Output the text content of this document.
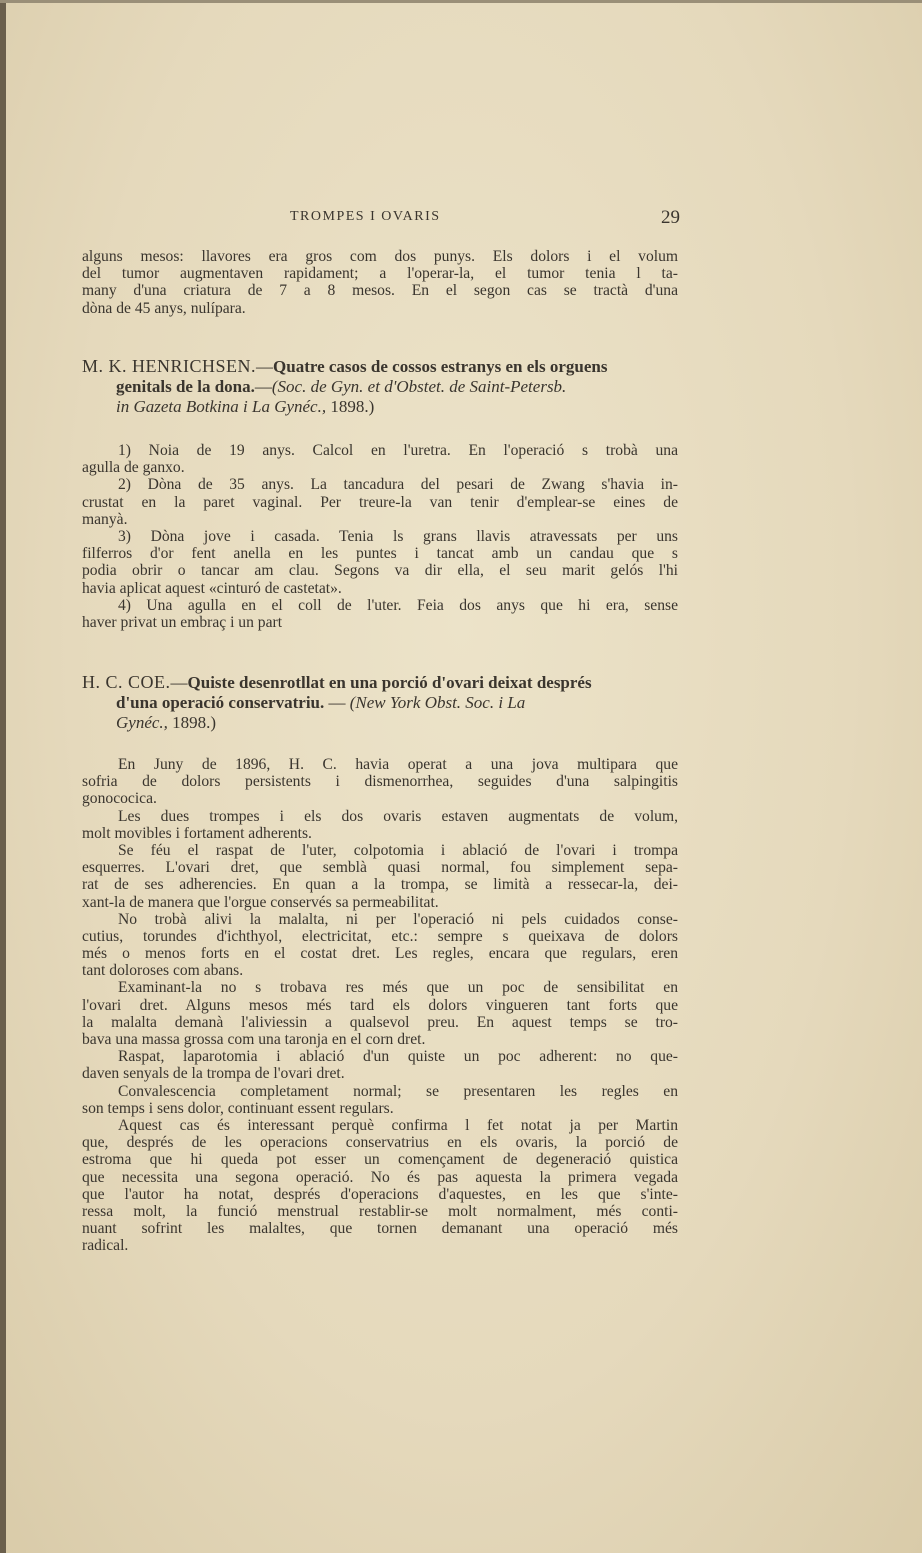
TROMPES I OVARIS	29
alguns mesos: llavores era gros com dos punys. Els dolors i el volum
del tumor augmentaven rapidament; a l'operar-la, el tumor tenia l ta-
many d'una criatura de 7 a 8 mesos. En el segon cas se tractà d'una
dòna de 45 anys, nulípara.
M. K. HENRICHSEN.—Quatre casos de cossos estranys en els orguens
genitals de la dona.—(Soc. de Gyn. et d'Obstet. de Saint-Petersb.
in Gazeta Botkina i La Gynéc., 1898.)
1) Noia de 19 anys. Calcol en l'uretra. En l'operació s trobà una
agulla de ganxo.
2) Dòna de 35 anys. La tancadura del pesari de Zwang s'havia in-
crustat en la paret vaginal. Per treure-la van tenir d'emplear-se eines de
manyà.
3) Dòna jove i casada. Tenia ls grans llavis atravessats per uns
filferros d'or fent anella en les puntes i tancat amb un candau que s
podia obrir o tancar am clau. Segons va dir ella, el seu marit gelós l'hi
havia aplicat aquest «cinturó de castetat».
4) Una agulla en el coll de l'uter. Feia dos anys que hi era, sense
haver privat un embraç i un part
H. C. COE.—Quiste desenrotllat en una porció d'ovari deixat després
d'una operació conservatriu. — (New York Obst. Soc. i La
Gynéc., 1898.)
En Juny de 1896, H. C. havia operat a una jova multipara que
sofria de dolors persistents i dismenorrhea, seguides d'una salpingitis
gonococica.
Les dues trompes i els dos ovaris estaven augmentats de volum,
molt movibles i fortament adherents.
Se féu el raspat de l'uter, colpotomia i ablació de l'ovari i trompa
esquerres. L'ovari dret, que semblà quasi normal, fou simplement sepa-
rat de ses adherencies. En quan a la trompa, se limità a ressecar-la, dei-
xant-la de manera que l'orgue conservés sa permeabilitat.
No trobà alivi la malalta, ni per l'operació ni pels cuidados conse-
cutius, torundes d'ichthyol, electricitat, etc.: sempre s queixava de dolors
més o menos forts en el costat dret. Les regles, encara que regulars, eren
tant doloroses com abans.
Examinant-la no s trobava res més que un poc de sensibilitat en
l'ovari dret. Alguns mesos més tard els dolors vingueren tant forts que
la malalta demanà l'aliviessin a qualsevol preu. En aquest temps se tro-
bava una massa grossa com una taronja en el corn dret.
Raspat, laparotomia i ablació d'un quiste un poc adherent: no que-
daven senyals de la trompa de l'ovari dret.
Convalescencia completament normal; se presentaren les regles en
son temps i sens dolor, continuant essent regulars.
Aquest cas és interessant perquè confirma l fet notat ja per Martin
que, després de les operacions conservatrius en els ovaris, la porció de
estroma que hi queda pot esser un començament de degeneració quistica
que necessita una segona operació. No és pas aquesta la primera vegada
que l'autor ha notat, després d'operacions d'aquestes, en les que s'inte-
ressa molt, la funció menstrual restablir-se molt normalment, més conti-
nuant sofrint les malaltes, que tornen demanant una operació més
radical.
